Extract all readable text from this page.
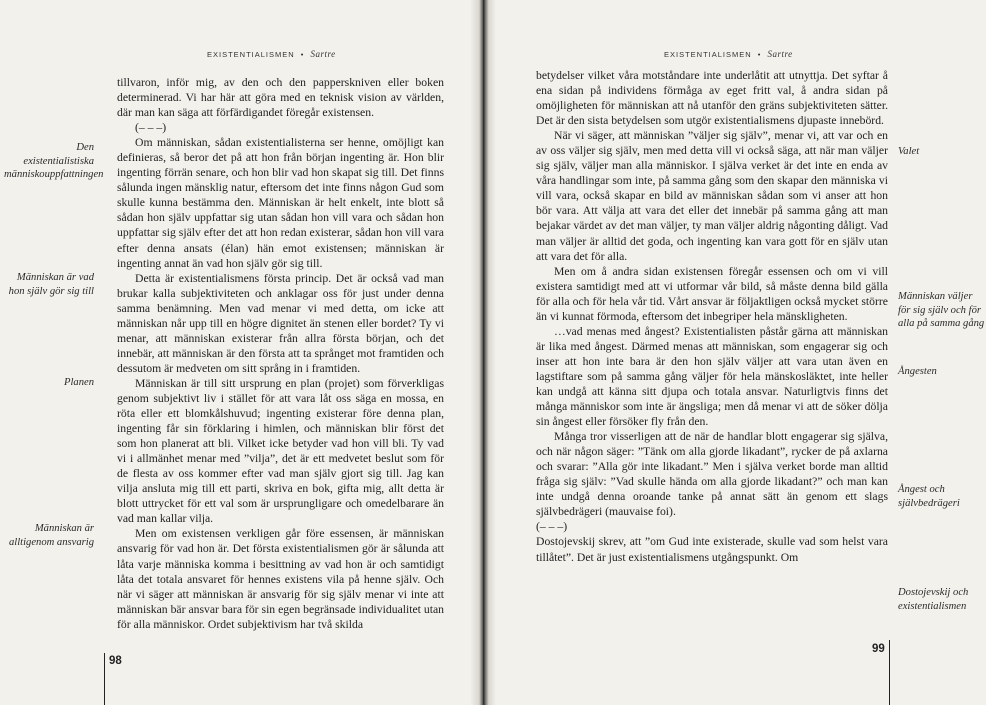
EXISTENTIALISMEN • Sartre

tillvaron, inför mig, av den och den papperskniven eller boken determinerad. Vi har här att göra med en teknisk vision av världen, där man kan säga att förfärdigandet föregår existensen.

(– – –)

Om människan, sådan existentialisterna ser henne, omöjligt kan definieras, så beror det på att hon från början ingenting är. Hon blir ingenting förrän senare, och hon blir vad hon skapat sig till. Det finns sålunda ingen mänsklig natur, eftersom det inte finns någon Gud som skulle kunna bestämma den. Människan är helt enkelt, inte blott så sådan hon själv uppfattar sig utan sådan hon vill vara och sådan hon uppfattar sig själv efter det att hon redan existerar, sådan hon vill vara efter denna ansats (élan) hän emot existensen; människan är ingenting annat än vad hon själv gör sig till.

Detta är existentialismens första princip. Det är också vad man brukar kalla subjektiviteten och anklagar oss för just under denna samma benämning. Men vad menar vi med detta, om icke att människan når upp till en högre dignitet än stenen eller bordet? Ty vi menar, att människan existerar från allra första början, och det innebär, att människan är den första att ta språnget mot framtiden och dessutom är medveten om sitt språng in i framtiden.

Människan är till sitt ursprung en plan (projet) som förverkligas genom subjektivt liv i stället för att vara låt oss säga en mossa, en röta eller ett blomkålshuvud; ingenting existerar före denna plan, ingenting får sin förklaring i himlen, och människan blir först det som hon planerat att bli. Vilket icke betyder vad hon vill bli. Ty vad vi i allmänhet menar med ”vilja”, det är ett medvetet beslut som för de flesta av oss kommer efter vad man själv gjort sig till. Jag kan vilja ansluta mig till ett parti, skriva en bok, gifta mig, allt detta är blott uttrycket för ett val som är ursprungligare och omedelbarare än vad man kallar vilja.

Men om existensen verkligen går före essensen, är människan ansvarig för vad hon är. Det första existentialismen gör är sålunda att låta varje människa komma i besittning av vad hon är och samtidigt låta det totala ansvaret för hennes existens vila på henne själv. Och när vi säger att människan är ansvarig för sig själv menar vi inte att människan bär ansvar bara för sin egen begränsade individualitet utan för alla människor. Ordet subjektivism har två skilda

Den existentialistiska människouppfattningen
Människan är vad hon själv gör sig till
Planen
Människan är alltigenom ansvarig
98
EXISTENTIALISMEN • Sartre

betydelser vilket våra motståndare inte underlåtit att utnyttja. Det syftar å ena sidan på individens förmåga av eget fritt val, å andra sidan på omöjligheten för människan att nå utanför den gräns subjektiviteten sätter. Det är den sista betydelsen som utgör existentialismens djupaste innebörd.

När vi säger, att människan ”väljer sig själv”, menar vi, att var och en av oss väljer sig själv, men med detta vill vi också säga, att när man väljer sig själv, väljer man alla människor. I själva verket är det inte en enda av våra handlingar som inte, på samma gång som den skapar den människa vi vill vara, också skapar en bild av människan sådan som vi anser att hon bör vara. Att välja att vara det eller det innebär på samma gång att man bejakar värdet av det man väljer, ty man väljer aldrig någonting dåligt. Vad man väljer är alltid det goda, och ingenting kan vara gott för en själv utan att vara det för alla.

Men om å andra sidan existensen föregår essensen och om vi vill existera samtidigt med att vi utformar vår bild, så måste denna bild gälla för alla och för hela vår tid. Vårt ansvar är följaktligen också mycket större än vi kunnat förmoda, eftersom det inbegriper hela mänskligheten.

…vad menas med ångest? Existentialisten påstår gärna att människan är lika med ångest. Därmed menas att människan, som engagerar sig och inser att hon inte bara är den hon själv väljer att vara utan även en lagstiftare som på samma gång väljer för hela mänskosläktet, inte heller kan undgå att känna sitt djupa och totala ansvar. Naturligtvis finns det många människor som inte är ängsliga; men då menar vi att de söker dölja sin ångest eller försöker fly från den.

Många tror visserligen att de när de handlar blott engagerar sig själva, och när någon säger: ”Tänk om alla gjorde likadant”, rycker de på axlarna och svarar: ”Alla gör inte likadant.” Men i själva verket borde man alltid fråga sig själv: ”Vad skulle hända om alla gjorde likadant?” och man kan inte undgå denna oroande tanke på annat sätt än genom ett slags självbedrägeri (mauvaise foi).

(– – –)

Dostojevskij skrev, att ”om Gud inte existerade, skulle vad som helst vara tillåtet”. Det är just existentialismens utgångspunkt. Om

Valet
Människan väljer för sig själv och för alla på samma gång
Ångesten
Ångest och självbedrägeri
Dostojevskij och existentialismen
99
